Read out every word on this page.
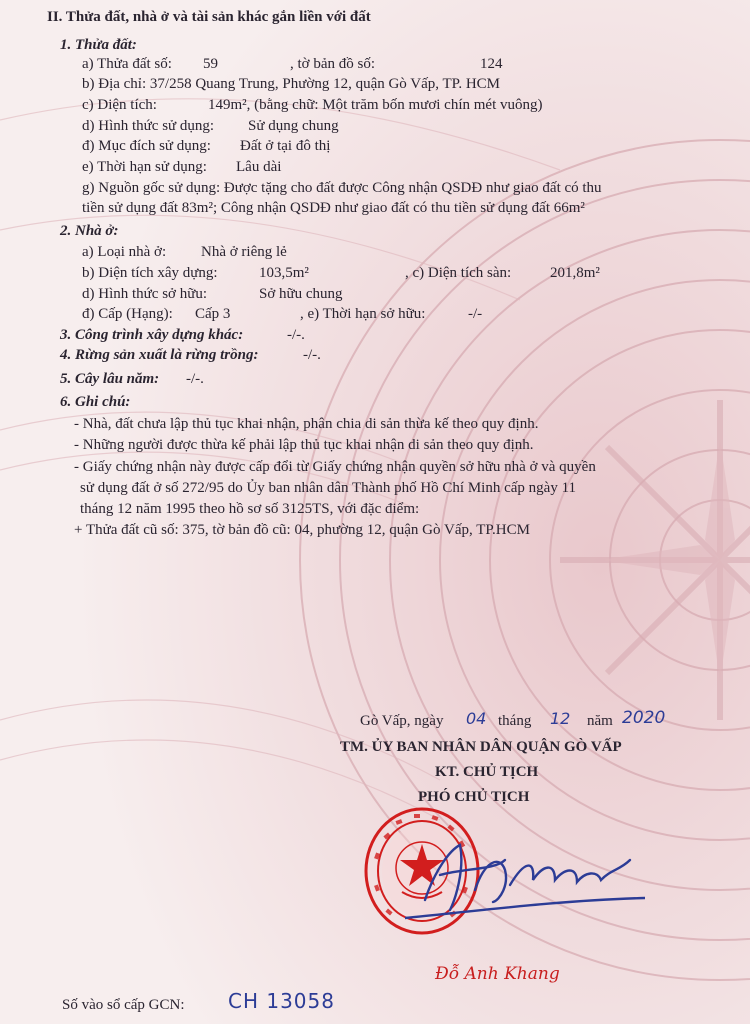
II. Thửa đất, nhà ở và tài sản khác gắn liền với đất
1. Thửa đất:
a) Thửa đất số: 59	, tờ bản đồ số:	124
b) Địa chỉ: 37/258 Quang Trung, Phường 12, quận Gò Vấp, TP. HCM
c) Diện tích:	149m², (bằng chữ: Một trăm bốn mươi chín mét vuông)
d) Hình thức sử dụng: Sử dụng chung
đ) Mục đích sử dụng: Đất ở tại đô thị
e) Thời hạn sử dụng: Lâu dài
g) Nguồn gốc sử dụng: Được tặng cho đất được Công nhận QSDĐ như giao đất có thu
tiền sử dụng đất 83m²; Công nhận QSDĐ như giao đất có thu tiền sử dụng đất 66m²
2. Nhà ở:
a) Loại nhà ở: Nhà ở riêng lẻ
b) Diện tích xây dựng:	103,5m²	, c) Diện tích sàn:	201,8m²
d) Hình thức sở hữu:	Sở hữu chung
đ) Cấp (Hạng): Cấp 3	, e) Thời hạn sở hữu:	-/-
3. Công trình xây dựng khác:	-/-.
4. Rừng sản xuất là rừng trồng:	-/-.
5. Cây lâu năm: -/-.
6. Ghi chú:
- Nhà, đất chưa lập thủ tục khai nhận, phân chia di sản thừa kế theo quy định.
- Những người được thừa kế phải lập thủ tục khai nhận di sản theo quy định.
- Giấy chứng nhận này được cấp đổi từ Giấy chứng nhận quyền sở hữu nhà ở và quyền
sử dụng đất ở số 272/95 do Ủy ban nhân dân Thành phố Hồ Chí Minh cấp ngày 11
tháng 12 năm 1995 theo hồ sơ số 3125TS, với đặc điểm:
+ Thửa đất cũ số: 375, tờ bản đồ cũ: 04, phường 12, quận Gò Vấp, TP.HCM
Gò Vấp, ngày 04 tháng 12 năm 2020
TM. ỦY BAN NHÂN DÂN QUẬN GÒ VẤP
KT. CHỦ TỊCH
PHÓ CHỦ TỊCH
Đỗ Anh Khang
Số vào sổ cấp GCN: CH 13058
